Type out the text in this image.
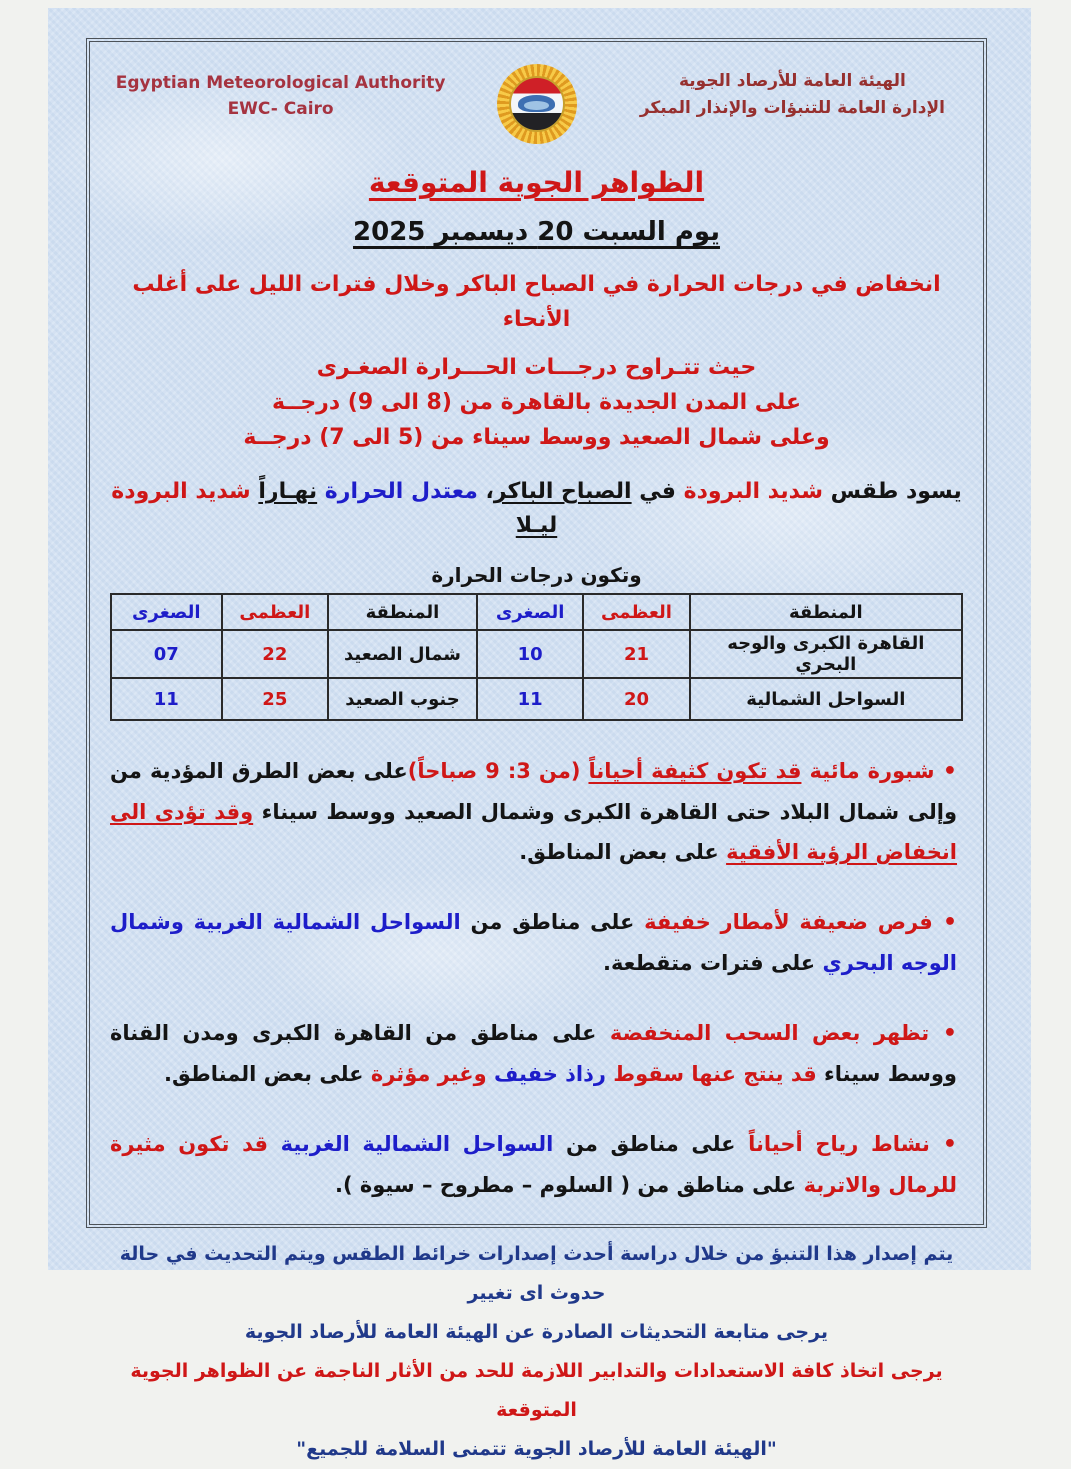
Egyptian Meteorological Authority
EWC- Cairo
الهيئة العامة للأرصاد الجوية
الإدارة العامة للتنبؤات والإنذار المبكر
الظواهر الجوية المتوقعة
يوم السبت 20 ديسمبر 2025
انخفاض في درجات الحرارة في الصباح الباكر وخلال فترات الليل على أغلب الأنحاء
حيث تتـراوح درجـــات الحـــرارة الصغـرى
على المدن الجديدة بالقاهرة من (8 الى 9) درجــة
وعلى شمال الصعيد ووسط سيناء من (5 الى 7) درجــة
يسود طقس شديد البرودة في الصباح الباكر، معتدل الحرارة نهـاراً شديد البرودة ليـلا
وتكون درجات الحرارة
المنطقة	العظمى	الصغرى	المنطقة	العظمى	الصغرى
القاهرة الكبرى والوجه البحري	21	10	شمال الصعيد	22	07
السواحل الشمالية	20	11	جنوب الصعيد	25	11
• شبورة مائية قد تكون كثيفة أحياناً (من 3: 9 صباحاً)على بعض الطرق المؤدية من وإلى شمال البلاد حتى القاهرة الكبرى وشمال الصعيد ووسط سيناء وقد تؤدى الى انخفاض الرؤية الأفقية على بعض المناطق.
• فرص ضعيفة لأمطار خفيفة على مناطق من السواحل الشمالية الغربية وشمال الوجه البحري على فترات متقطعة.
• تظهر بعض السحب المنخفضة على مناطق من القاهرة الكبرى ومدن القناة ووسط سيناء قد ينتج عنها سقوط رذاذ خفيف وغير مؤثرة على بعض المناطق.
• نشاط رياح أحياناً على مناطق من السواحل الشمالية الغربية قد تكون مثيرة للرمال والاتربة على مناطق من ( السلوم – مطروح – سيوة ).
يتم إصدار هذا التنبؤ من خلال دراسة أحدث إصدارات خرائط الطقس ويتم التحديث في حالة حدوث اى تغيير
يرجى متابعة التحديثات الصادرة عن الهيئة العامة للأرصاد الجوية
يرجى اتخاذ كافة الاستعدادات والتدابير اللازمة للحد من الأثار الناجمة عن الظواهر الجوية المتوقعة
"الهيئة العامة للأرصاد الجوية تتمنى السلامة للجميع"
